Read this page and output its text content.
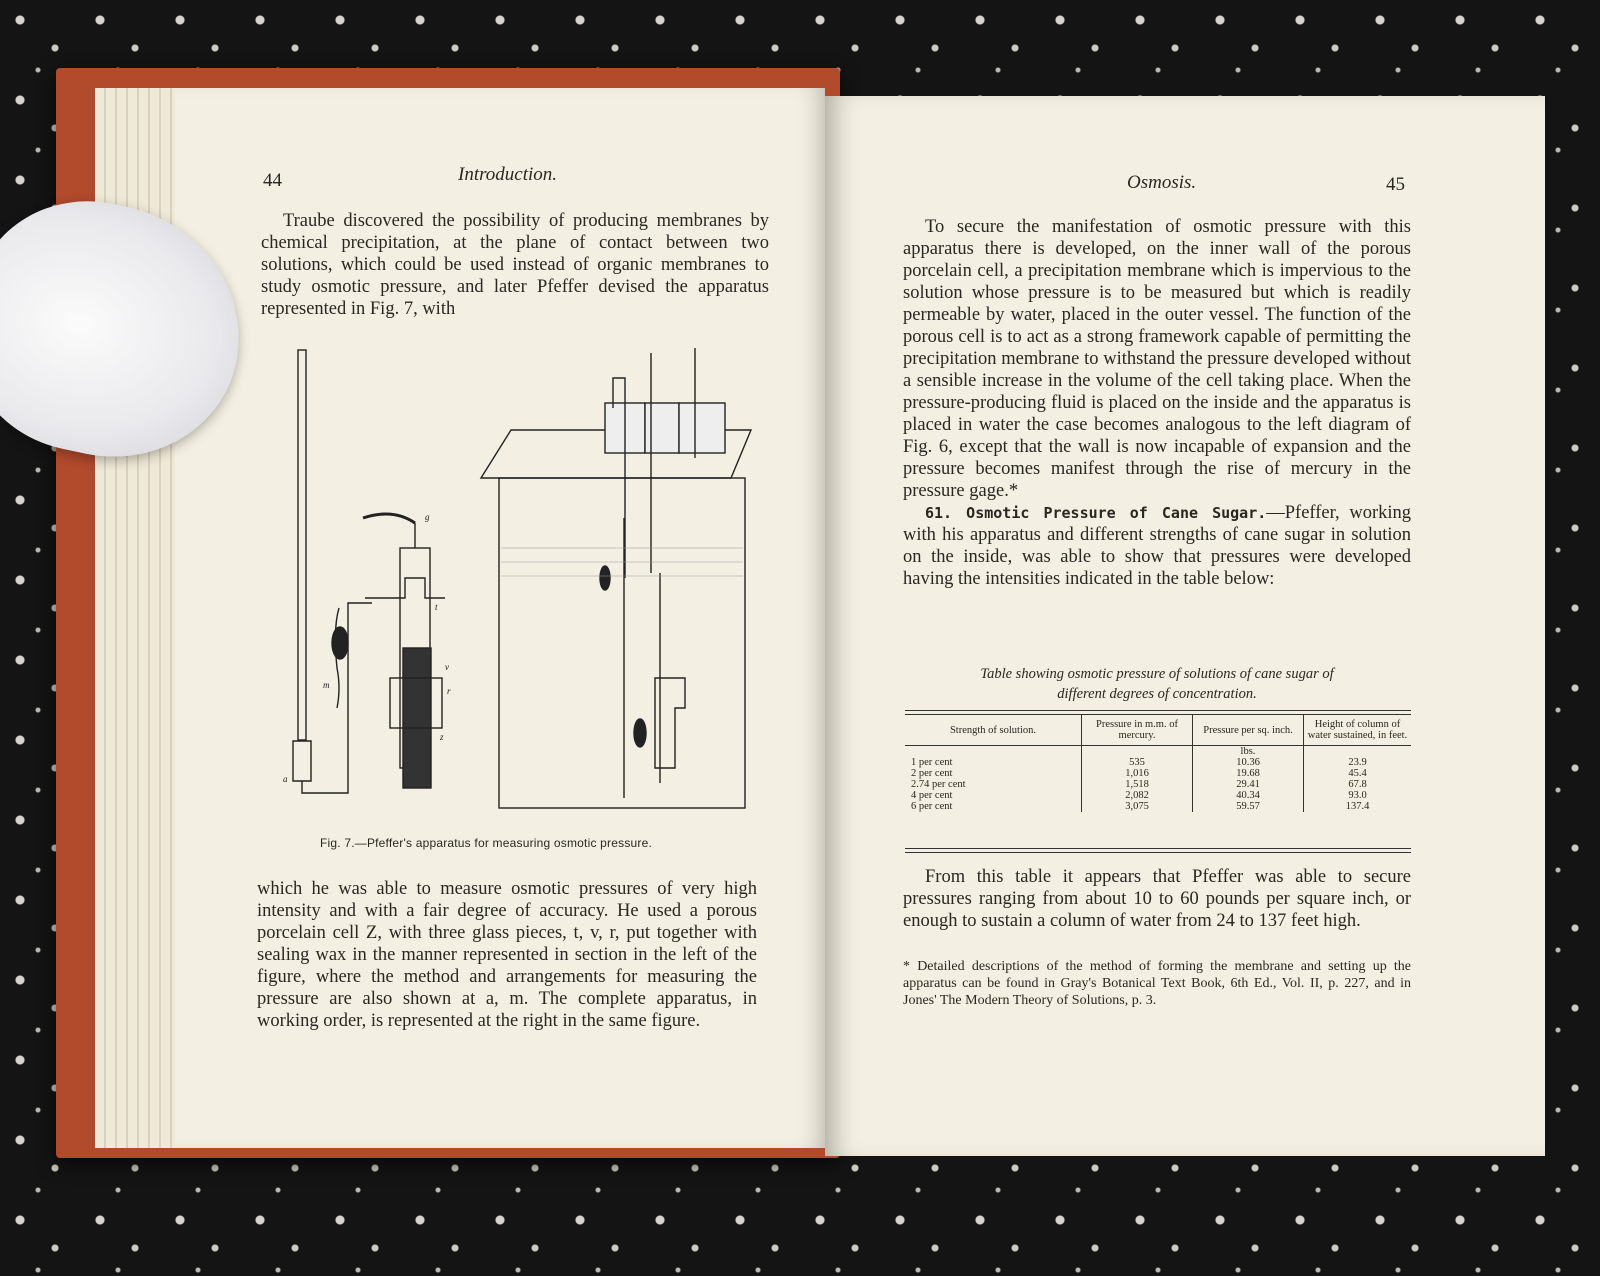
44	Introduction.

Traube discovered the possibility of producing membranes by chemical precipitation, at the plane of contact between two solutions, which could be used instead of organic membranes to study osmotic pressure, and later Pfeffer devised the apparatus represented in Fig. 7, with

g
t
v
r
m
z
a
Fig. 7.—Pfeffer's apparatus for measuring osmotic pressure.

which he was able to measure osmotic pressures of very high intensity and with a fair degree of accuracy. He used a porous porcelain cell Z, with three glass pieces, t, v, r, put together with sealing wax in the manner represented in section in the left of the figure, where the method and arrangements for measuring the pressure are also shown at a, m. The complete apparatus, in working order, is represented at the right in the same figure.

Osmosis.	45

To secure the manifestation of osmotic pressure with this apparatus there is developed, on the inner wall of the porous porcelain cell, a precipitation membrane which is impervious to the solution whose pressure is to be measured but which is readily permeable by water, placed in the outer vessel. The function of the porous cell is to act as a strong framework capable of permitting the precipitation membrane to withstand the pressure developed without a sensible increase in the volume of the cell taking place. When the pressure-producing fluid is placed on the inside and the apparatus is placed in water the case becomes analogous to the left diagram of Fig. 6, except that the wall is now incapable of expansion and the pressure becomes manifest through the rise of mercury in the pressure gage.*

61. Osmotic Pressure of Cane Sugar.—Pfeffer, working with his apparatus and different strengths of cane sugar in solution on the inside, was able to show that pressures were developed having the intensities indicated in the table below:

Table showing osmotic pressure of solutions of cane sugar of
different degrees of concentration.
Strength of solution.	Pressure in m.m. of mercury.	Pressure per sq. inch.	Height of column of water sustained, in feet.
		lbs.	
1 per cent	535	10.36	23.9
2 per cent	1,016	19.68	45.4
2.74 per cent	1,518	29.41	67.8
4 per cent	2,082	40.34	93.0
6 per cent	3,075	59.57	137.4

From this table it appears that Pfeffer was able to secure pressures ranging from about 10 to 60 pounds per square inch, or enough to sustain a column of water from 24 to 137 feet high.

* Detailed descriptions of the method of forming the membrane and setting up the apparatus can be found in Gray's Botanical Text Book, 6th Ed., Vol. II, p. 227, and in Jones' The Modern Theory of Solutions, p. 3.
